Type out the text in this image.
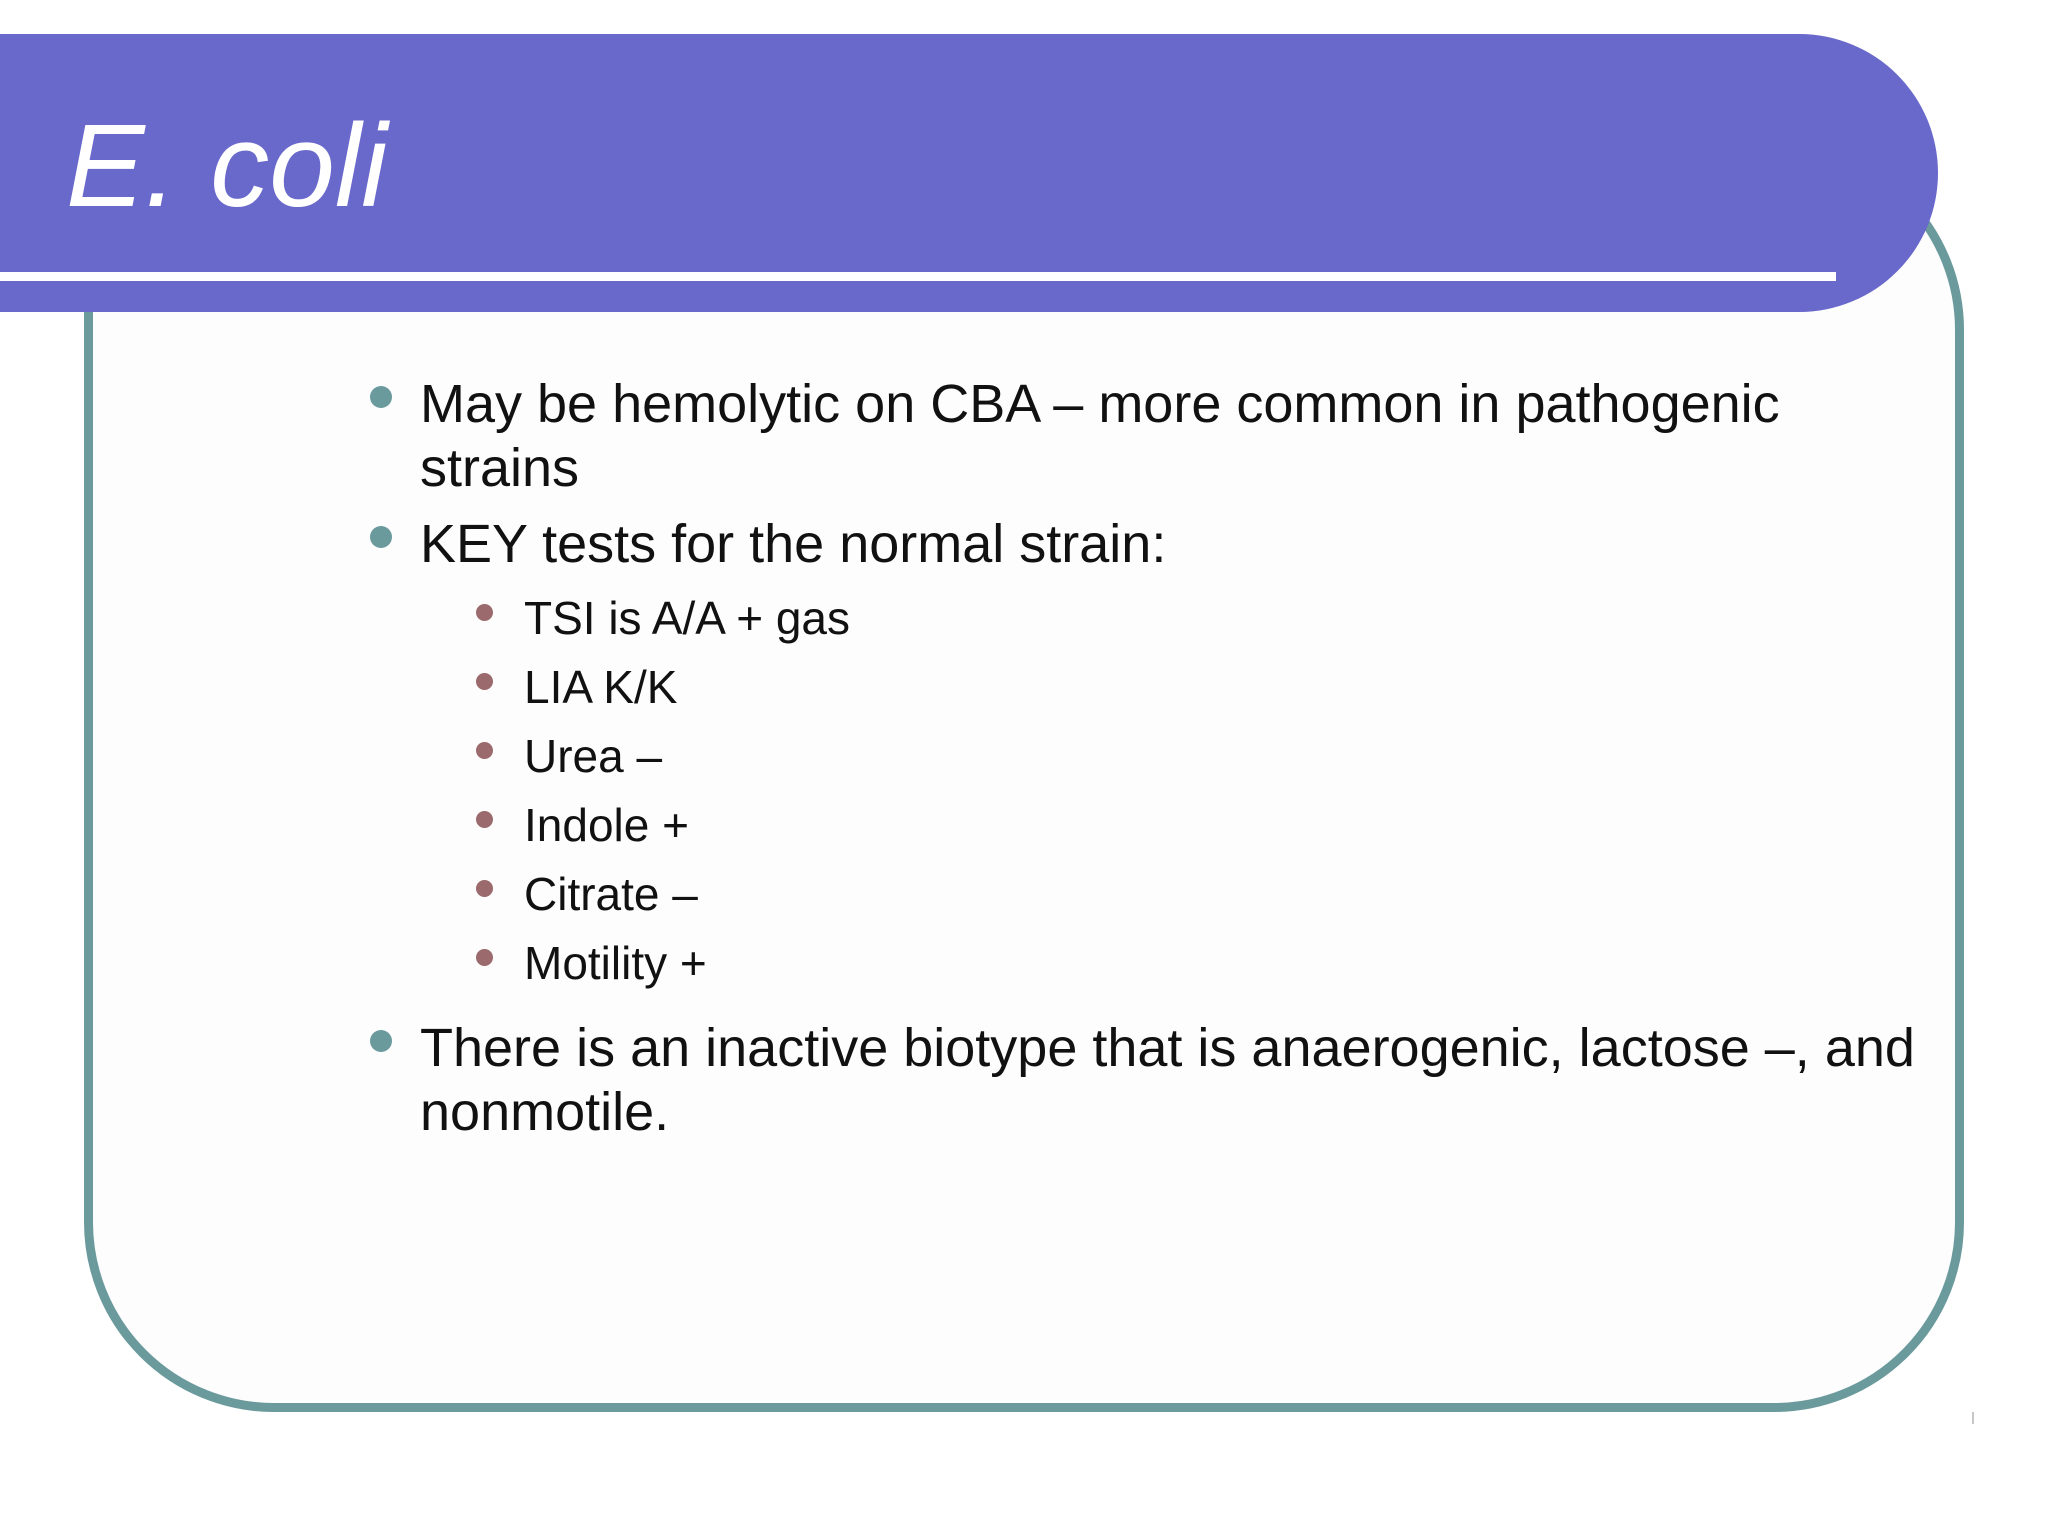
E. coli
May be hemolytic on CBA – more common in pathogenic strains
KEY tests for the normal strain:
TSI is A/A + gas
LIA K/K
Urea –
Indole +
Citrate –
Motility +
There is an inactive biotype that is anaerogenic, lactose –, and nonmotile.
